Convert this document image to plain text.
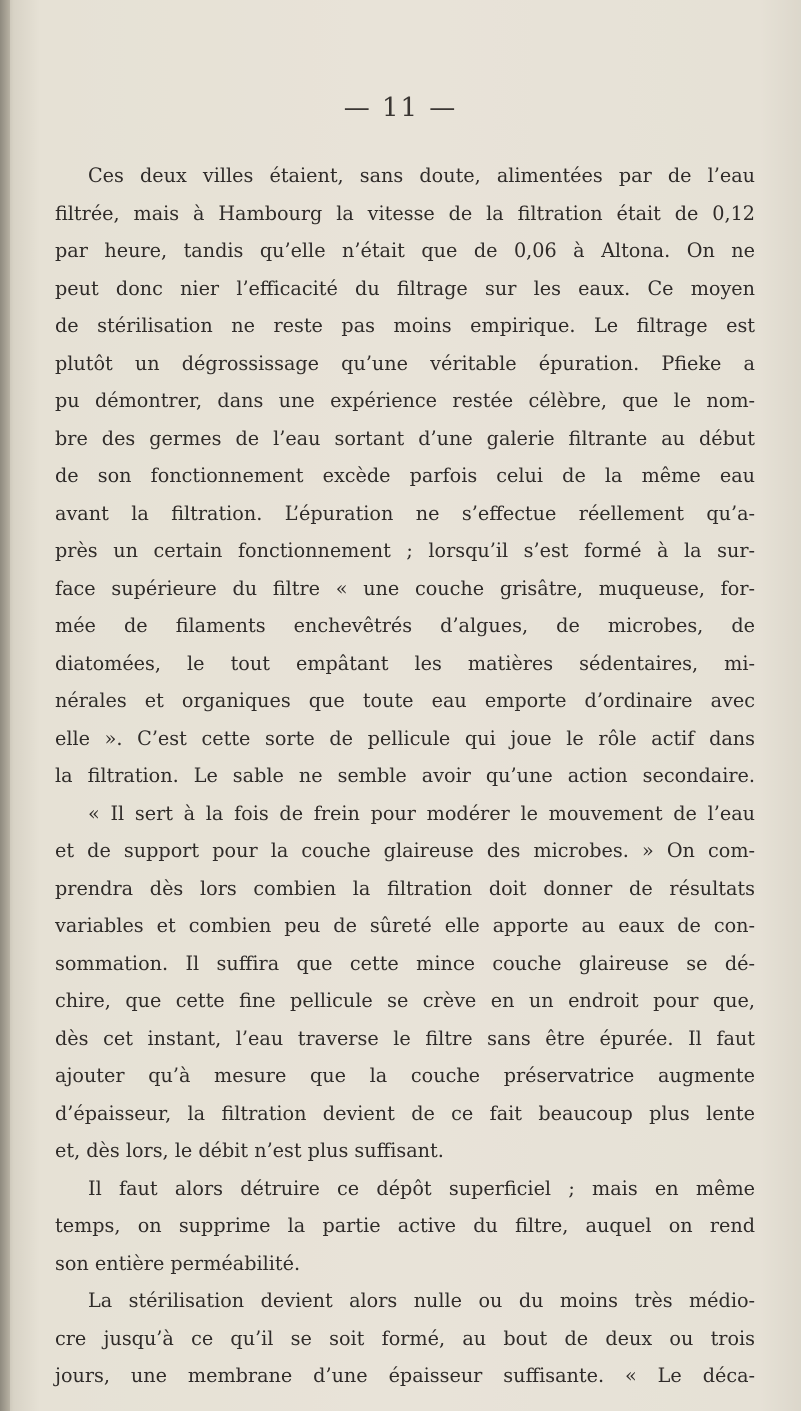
— 11 —
Ces deux villes étaient, sans doute, alimentées par de l’eau
filtrée, mais à Hambourg la vitesse de la filtration était de 0,12
par heure, tandis qu’elle n’était que de 0,06 à Altona. On ne
peut donc nier l’efficacité du filtrage sur les eaux. Ce moyen
de stérilisation ne reste pas moins empirique. Le filtrage est
plutôt un dégrossissage qu’une véritable épuration. Pfieke a
pu démontrer, dans une expérience restée célèbre, que le nom-
bre des germes de l’eau sortant d’une galerie filtrante au début
de son fonctionnement excède parfois celui de la même eau
avant la filtration. L’épuration ne s’effectue réellement qu’a-
près un certain fonctionnement ; lorsqu’il s’est formé à la sur-
face supérieure du filtre « une couche grisâtre, muqueuse, for-
mée de filaments enchevêtrés d’algues, de microbes, de
diatomées, le tout empâtant les matières sédentaires, mi-
nérales et organiques que toute eau emporte d’ordinaire avec
elle ». C’est cette sorte de pellicule qui joue le rôle actif dans
la filtration. Le sable ne semble avoir qu’une action secondaire.
« Il sert à la fois de frein pour modérer le mouvement de l’eau
et de support pour la couche glaireuse des microbes. » On com-
prendra dès lors combien la filtration doit donner de résultats
variables et combien peu de sûreté elle apporte au eaux de con-
sommation. Il suffira que cette mince couche glaireuse se dé-
chire, que cette fine pellicule se crève en un endroit pour que,
dès cet instant, l’eau traverse le filtre sans être épurée. Il faut
ajouter qu’à mesure que la couche préservatrice augmente
d’épaisseur, la filtration devient de ce fait beaucoup plus lente
et, dès lors, le débit n’est plus suffisant.
Il faut alors détruire ce dépôt superficiel ; mais en même
temps, on supprime la partie active du filtre, auquel on rend
son entière perméabilité.
La stérilisation devient alors nulle ou du moins très médio-
cre jusqu’à ce qu’il se soit formé, au bout de deux ou trois
jours, une membrane d’une épaisseur suffisante. « Le déca-
